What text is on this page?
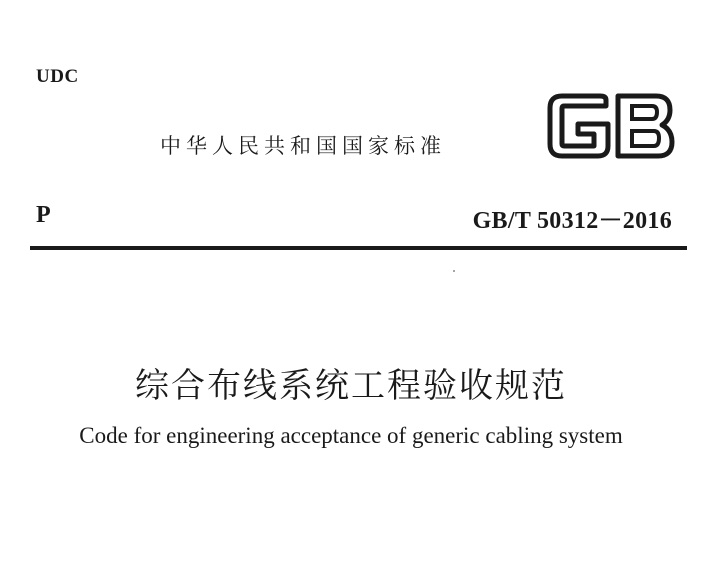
UDC
中华人民共和国国家标准
P	GB/T 50312－2016
综合布线系统工程验收规范
Code for engineering acceptance of generic cabling system
